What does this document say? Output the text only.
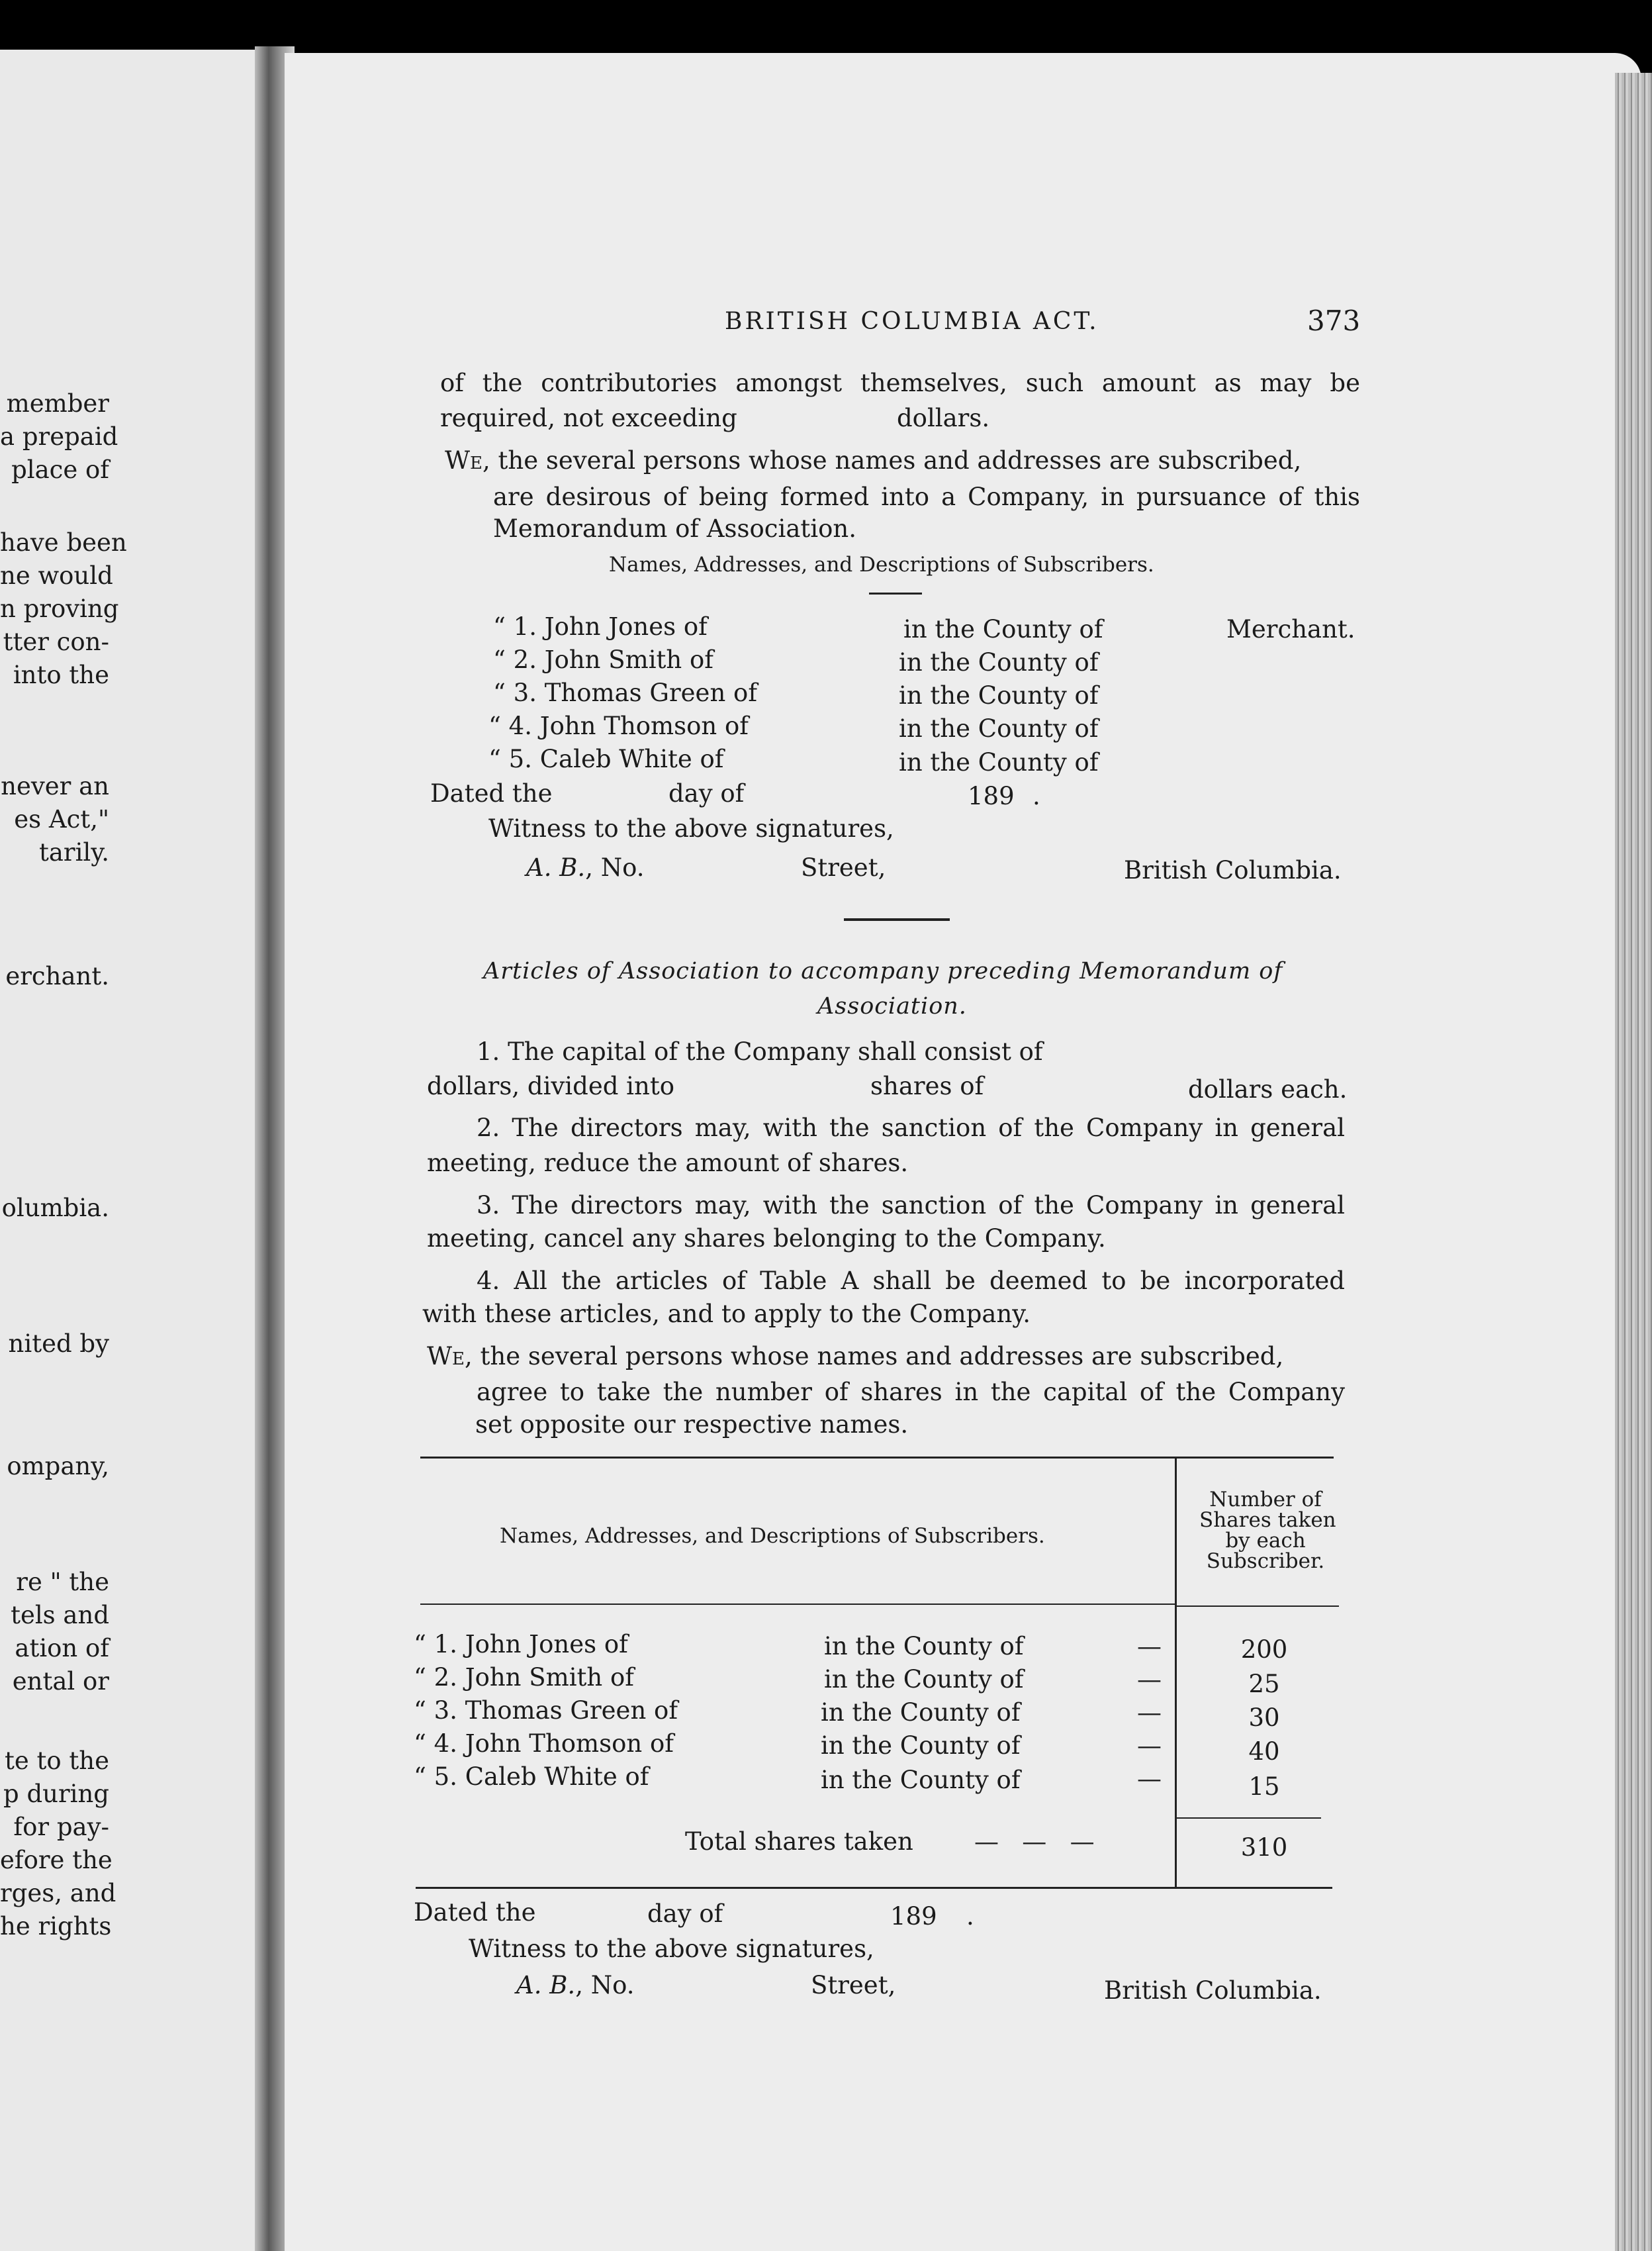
member
a prepaid
place of
have been
ne would
n proving
tter con-
into the
never an
es Act,"
tarily.
erchant.
olumbia.
nited by
ompany,
re " the
tels and
ation of
ental or
te to the
p during
for pay-
efore the
rges, and
he rights
BRITISH COLUMBIA ACT.	373
of the contributories amongst themselves, such amount as may be
required, not exceeding	dollars.
We, the several persons whose names and addresses are subscribed,
are desirous of being formed into a Company, in pursuance of this
Memorandum of Association.
Names, Addresses, and Descriptions of Subscribers.
“ 1. John Jones of	in the County of	Merchant.
“ 2. John Smith of	in the County of
“ 3. Thomas Green of	in the County of
“ 4. John Thomson of	in the County of
“ 5. Caleb White of	in the County of
Dated the	day of	189 .
Witness to the above signatures,
A. B., No.	Street,	British Columbia.
Articles of Association to accompany preceding Memorandum of
Association.
1. The capital of the Company shall consist of
dollars, divided into	shares of	dollars each.
2. The directors may, with the sanction of the Company in general
meeting, reduce the amount of shares.
3. The directors may, with the sanction of the Company in general
meeting, cancel any shares belonging to the Company.
4. All the articles of Table A shall be deemed to be incorporated
with these articles, and to apply to the Company.
We, the several persons whose names and addresses are subscribed,
agree to take the number of shares in the capital of the Company
set opposite our respective names.
Names, Addresses, and Descriptions of Subscribers.
Number of
Shares taken
by each
Subscriber.
“ 1. John Jones of	in the County of	—	200
“ 2. John Smith of	in the County of	—	25
“ 3. Thomas Green of	in the County of	—	30
“ 4. John Thomson of	in the County of	—	40
“ 5. Caleb White of	in the County of	—	15
Total shares taken —   —   —	310
Dated the	day of	189 .
Witness to the above signatures,
A. B., No.	Street,	British Columbia.
